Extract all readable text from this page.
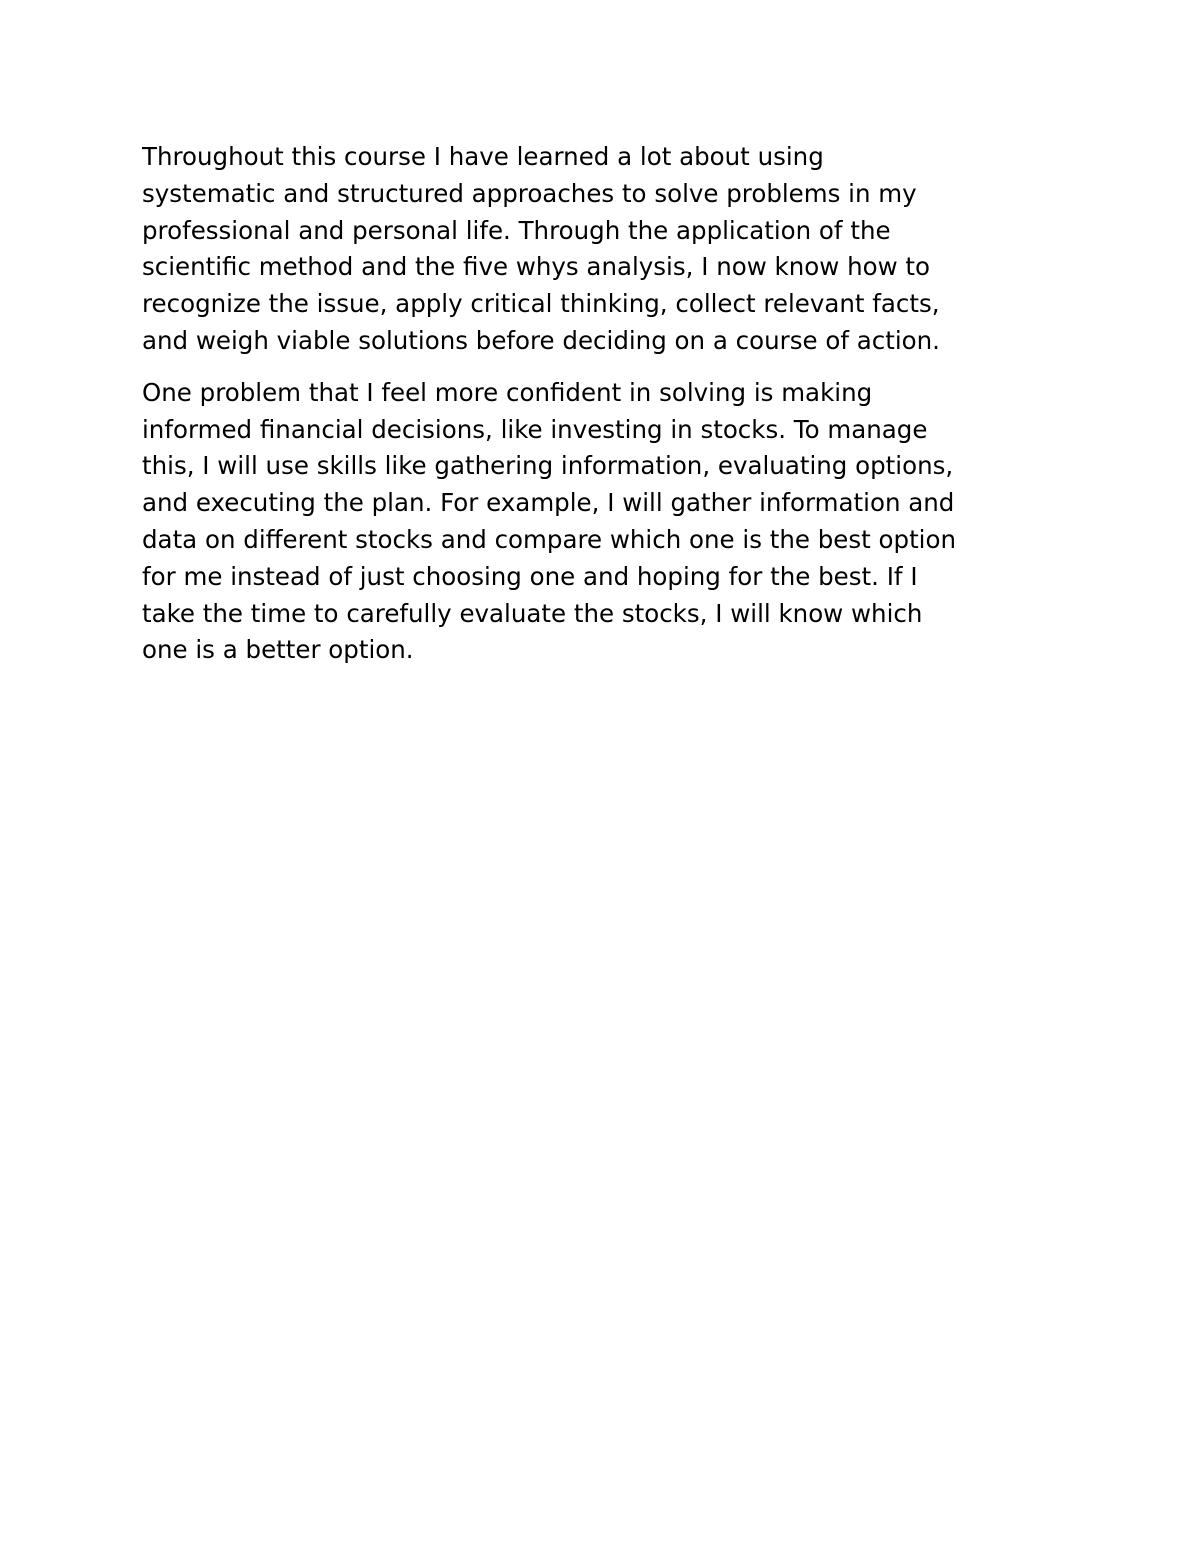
Throughout this course I have learned a lot about using
systematic and structured approaches to solve problems in my
professional and personal life. Through the application of the
scientific method and the five whys analysis, I now know how to
recognize the issue, apply critical thinking, collect relevant facts,
and weigh viable solutions before deciding on a course of action.

One problem that I feel more confident in solving is making
informed financial decisions, like investing in stocks. To manage
this, I will use skills like gathering information, evaluating options,
and executing the plan. For example, I will gather information and
data on different stocks and compare which one is the best option
for me instead of just choosing one and hoping for the best. If I
take the time to carefully evaluate the stocks, I will know which
one is a better option.
